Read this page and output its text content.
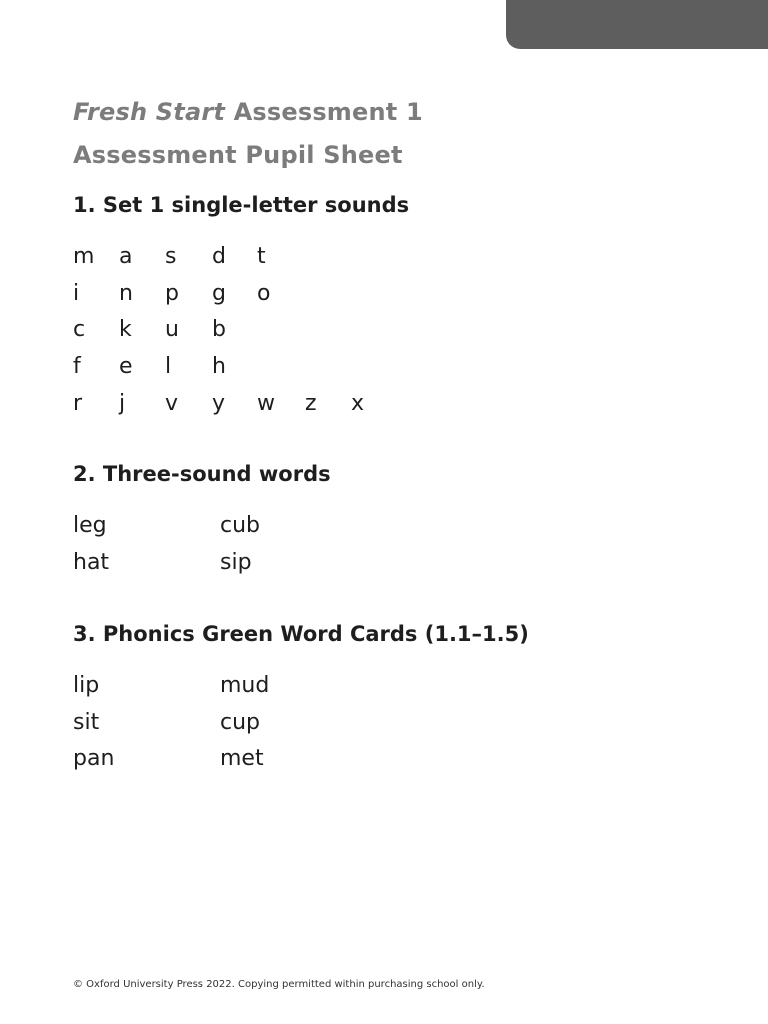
Fresh Start Assessment 1
Assessment Pupil Sheet
1. Set 1 single-letter sounds
m a s d t
i n p g o
c k u b
f e l h
r j v y w z x
2. Three-sound words
leg	cub
hat	sip
3. Phonics Green Word Cards (1.1–1.5)
lip	mud
sit	cup
pan	met
© Oxford University Press 2022. Copying permitted within purchasing school only.
